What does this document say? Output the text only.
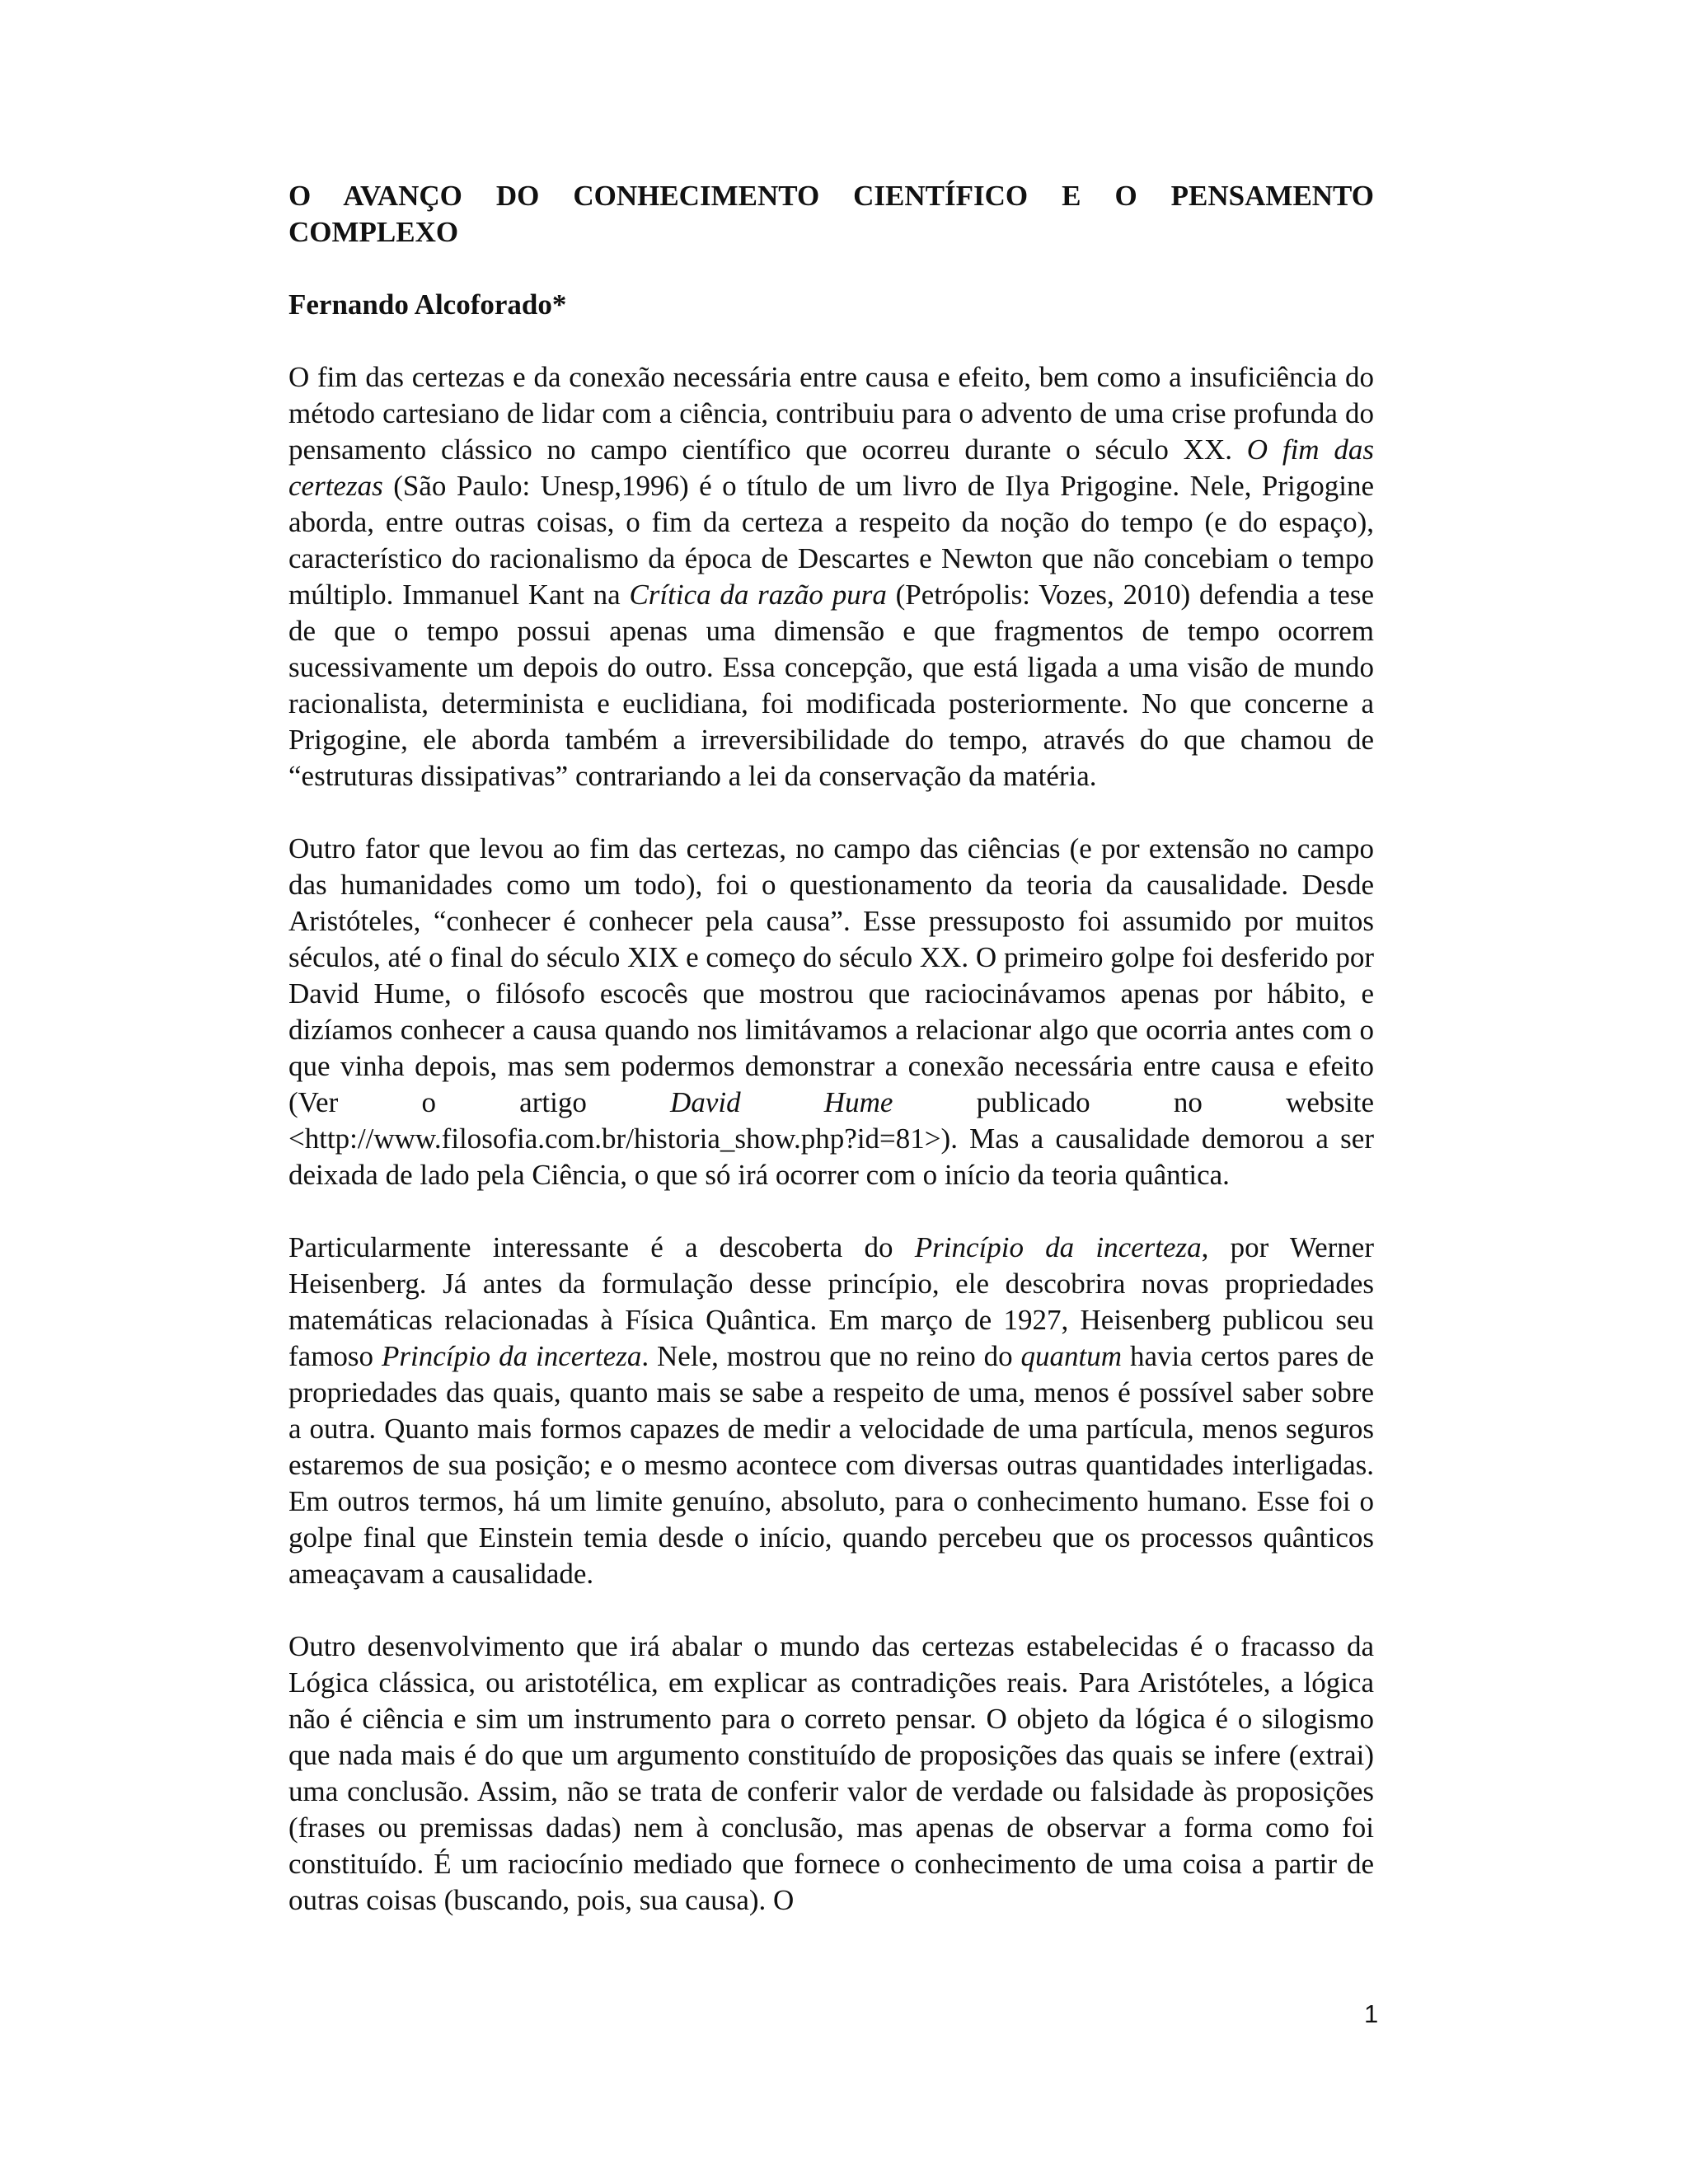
O AVANÇO DO CONHECIMENTO CIENTÍFICO E O PENSAMENTO
COMPLEXO
Fernando Alcoforado*

O fim das certezas e da conexão necessária entre causa e efeito, bem como a insuficiência do método cartesiano de lidar com a ciência, contribuiu para o advento de uma crise profunda do pensamento clássico no campo científico que ocorreu durante o século XX. O fim das certezas (São Paulo: Unesp,1996) é o título de um livro de Ilya Prigogine. Nele, Prigogine aborda, entre outras coisas, o fim da certeza a respeito da noção do tempo (e do espaço), característico do racionalismo da época de Descartes e Newton que não concebiam o tempo múltiplo. Immanuel Kant na Crítica da razão pura (Petrópolis: Vozes, 2010) defendia a tese de que o tempo possui apenas uma dimensão e que fragmentos de tempo ocorrem sucessivamente um depois do outro. Essa concepção, que está ligada a uma visão de mundo racionalista, determinista e euclidiana, foi modificada posteriormente. No que concerne a Prigogine, ele aborda também a irreversibilidade do tempo, através do que chamou de “estruturas dissipativas” contrariando a lei da conservação da matéria.

Outro fator que levou ao fim das certezas, no campo das ciências (e por extensão no campo das humanidades como um todo), foi o questionamento da teoria da causalidade. Desde Aristóteles, “conhecer é conhecer pela causa”. Esse pressuposto foi assumido por muitos séculos, até o final do século XIX e começo do século XX. O primeiro golpe foi desferido por David Hume, o filósofo escocês que mostrou que raciocinávamos apenas por hábito, e dizíamos conhecer a causa quando nos limitávamos a relacionar algo que ocorria antes com o que vinha depois, mas sem podermos demonstrar a conexão necessária entre causa e efeito (Ver o artigo David Hume publicado no website <http://www.filosofia.com.br/historia_show.php?id=81>). Mas a causalidade demorou a ser deixada de lado pela Ciência, o que só irá ocorrer com o início da teoria quântica.

Particularmente interessante é a descoberta do Princípio da incerteza, por Werner Heisenberg. Já antes da formulação desse princípio, ele descobrira novas propriedades matemáticas relacionadas à Física Quântica. Em março de 1927, Heisenberg publicou seu famoso Princípio da incerteza. Nele, mostrou que no reino do quantum havia certos pares de propriedades das quais, quanto mais se sabe a respeito de uma, menos é possível saber sobre a outra. Quanto mais formos capazes de medir a velocidade de uma partícula, menos seguros estaremos de sua posição; e o mesmo acontece com diversas outras quantidades interligadas. Em outros termos, há um limite genuíno, absoluto, para o conhecimento humano. Esse foi o golpe final que Einstein temia desde o início, quando percebeu que os processos quânticos ameaçavam a causalidade.

Outro desenvolvimento que irá abalar o mundo das certezas estabelecidas é o fracasso da Lógica clássica, ou aristotélica, em explicar as contradições reais. Para Aristóteles, a lógica não é ciência e sim um instrumento para o correto pensar. O objeto da lógica é o silogismo que nada mais é do que um argumento constituído de proposições das quais se infere (extrai) uma conclusão. Assim, não se trata de conferir valor de verdade ou falsidade às proposições (frases ou premissas dadas) nem à conclusão, mas apenas de observar a forma como foi constituído. É um raciocínio mediado que fornece o conhecimento de uma coisa a partir de outras coisas (buscando, pois, sua causa). O

1
